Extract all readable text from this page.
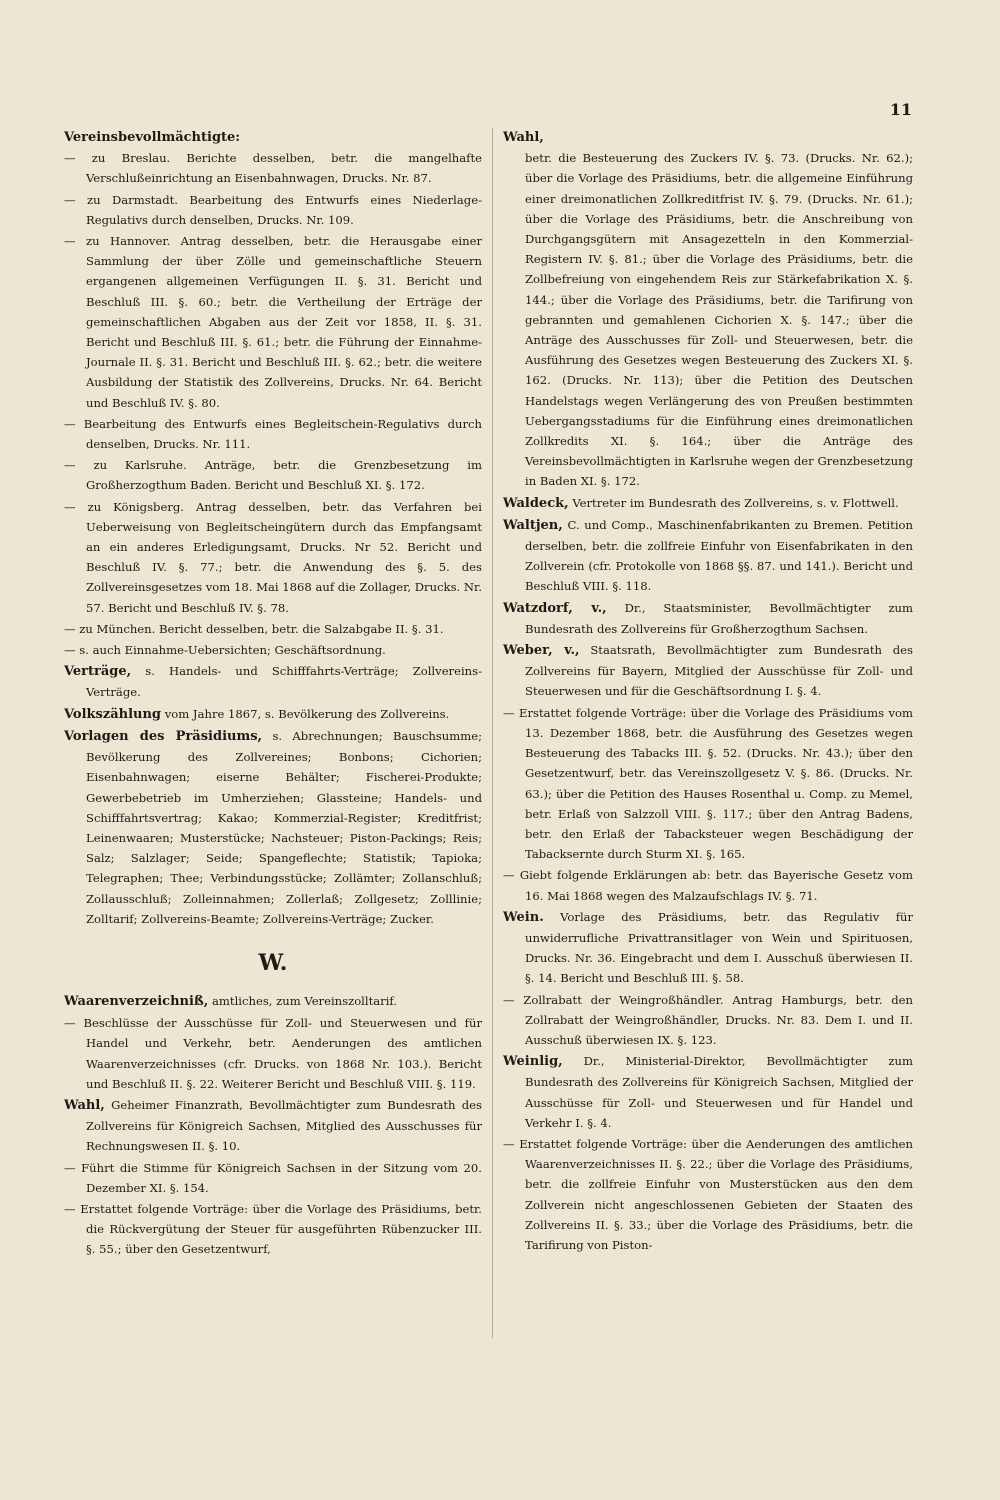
11
Vereinsbevollmächtigte:
— zu Breslau. Berichte desselben, betr. die mangelhafte Verschlußeinrichtung an Eisenbahnwagen, Drucks. Nr. 87.
— zu Darmstadt. Bearbeitung des Entwurfs eines Niederlage-Regulativs durch denselben, Drucks. Nr. 109.
— zu Hannover. Antrag desselben, betr. die Herausgabe einer Sammlung der über Zölle und gemeinschaftliche Steuern ergangenen allgemeinen Verfügungen II. §. 31. Bericht und Beschluß III. §. 60.; betr. die Vertheilung der Erträge der gemeinschaftlichen Abgaben aus der Zeit vor 1858, II. §. 31. Bericht und Beschluß III. §. 61.; betr. die Führung der Einnahme-Journale II. §. 31. Bericht und Beschluß III. §. 62.; betr. die weitere Ausbildung der Statistik des Zollvereins, Drucks. Nr. 64. Bericht und Beschluß IV. §. 80.
— Bearbeitung des Entwurfs eines Begleitschein-Regulativs durch denselben, Drucks. Nr. 111.
— zu Karlsruhe. Anträge, betr. die Grenzbesetzung im Großherzogthum Baden. Bericht und Beschluß XI. §. 172.
— zu Königsberg. Antrag desselben, betr. das Verfahren bei Ueberweisung von Begleitscheingütern durch das Empfangsamt an ein anderes Erledigungsamt, Drucks. Nr 52. Bericht und Beschluß IV. §. 77.; betr. die Anwendung des §. 5. des Zollvereinsgesetzes vom 18. Mai 1868 auf die Zollager, Drucks. Nr. 57. Bericht und Beschluß IV. §. 78.
— zu München. Bericht desselben, betr. die Salzabgabe II. §. 31.
— s. auch Einnahme-Uebersichten; Geschäftsordnung.
Verträge, s. Handels- und Schifffahrts-Verträge; Zollvereins-Verträge.
Volkszählung vom Jahre 1867, s. Bevölkerung des Zollvereins.
Vorlagen des Präsidiums, s. Abrechnungen; Bauschsumme; Bevölkerung des Zollvereines; Bonbons; Cichorien; Eisenbahnwagen; eiserne Behälter; Fischerei-Produkte; Gewerbebetrieb im Umherziehen; Glassteine; Handels- und Schifffahrtsvertrag; Kakao; Kommerzial-Register; Kreditfrist; Leinenwaaren; Musterstücke; Nachsteuer; Piston-Packings; Reis; Salz; Salzlager; Seide; Spangeflechte; Statistik; Tapioka; Telegraphen; Thee; Verbindungsstücke; Zollämter; Zollanschluß; Zollausschluß; Zolleinnahmen; Zollerlaß; Zollgesetz; Zolllinie; Zolltarif; Zollvereins-Beamte; Zollvereins-Verträge; Zucker.
W.
Waarenverzeichniß, amtliches, zum Vereinszolltarif.
— Beschlüsse der Ausschüsse für Zoll- und Steuerwesen und für Handel und Verkehr, betr. Aenderungen des amtlichen Waarenverzeichnisses (cfr. Drucks. von 1868 Nr. 103.). Bericht und Beschluß II. §. 22. Weiterer Bericht und Beschluß VIII. §. 119.
Wahl, Geheimer Finanzrath, Bevollmächtigter zum Bundesrath des Zollvereins für Königreich Sachsen, Mitglied des Ausschusses für Rechnungswesen II. §. 10.
— Führt die Stimme für Königreich Sachsen in der Sitzung vom 20. Dezember XI. §. 154.
— Erstattet folgende Vorträge: über die Vorlage des Präsidiums, betr. die Rückvergütung der Steuer für ausgeführten Rübenzucker III. §. 55.; über den Gesetzentwurf,
Wahl,
betr. die Besteuerung des Zuckers IV. §. 73. (Drucks. Nr. 62.); über die Vorlage des Präsidiums, betr. die allgemeine Einführung einer dreimonatlichen Zollkreditfrist IV. §. 79. (Drucks. Nr. 61.); über die Vorlage des Präsidiums, betr. die Anschreibung von Durchgangsgütern mit Ansagezetteln in den Kommerzial-Registern IV. §. 81.; über die Vorlage des Präsidiums, betr. die Zollbefreiung von eingehendem Reis zur Stärkefabrikation X. §. 144.; über die Vorlage des Präsidiums, betr. die Tarifirung von gebrannten und gemahlenen Cichorien X. §. 147.; über die Anträge des Ausschusses für Zoll- und Steuerwesen, betr. die Ausführung des Gesetzes wegen Besteuerung des Zuckers XI. §. 162. (Drucks. Nr. 113); über die Petition des Deutschen Handelstags wegen Verlängerung des von Preußen bestimmten Uebergangsstadiums für die Einführung eines dreimonatlichen Zollkredits XI. §. 164.; über die Anträge des Vereinsbevollmächtigten in Karlsruhe wegen der Grenzbesetzung in Baden XI. §. 172.
Waldeck, Vertreter im Bundesrath des Zollvereins, s. v. Flottwell.
Waltjen, C. und Comp., Maschinenfabrikanten zu Bremen. Petition derselben, betr. die zollfreie Einfuhr von Eisenfabrikaten in den Zollverein (cfr. Protokolle von 1868 §§. 87. und 141.). Bericht und Beschluß VIII. §. 118.
Watzdorf, v., Dr., Staatsminister, Bevollmächtigter zum Bundesrath des Zollvereins für Großherzogthum Sachsen.
Weber, v., Staatsrath, Bevollmächtigter zum Bundesrath des Zollvereins für Bayern, Mitglied der Ausschüsse für Zoll- und Steuerwesen und für die Geschäftsordnung I. §. 4.
— Erstattet folgende Vorträge: über die Vorlage des Präsidiums vom 13. Dezember 1868, betr. die Ausführung des Gesetzes wegen Besteuerung des Tabacks III. §. 52. (Drucks. Nr. 43.); über den Gesetzentwurf, betr. das Vereinszollgesetz V. §. 86. (Drucks. Nr. 63.); über die Petition des Hauses Rosenthal u. Comp. zu Memel, betr. Erlaß von Salzzoll VIII. §. 117.; über den Antrag Badens, betr. den Erlaß der Tabacksteuer wegen Beschädigung der Tabacksernte durch Sturm XI. §. 165.
— Giebt folgende Erklärungen ab: betr. das Bayerische Gesetz vom 16. Mai 1868 wegen des Malzaufschlags IV. §. 71.
Wein. Vorlage des Präsidiums, betr. das Regulativ für unwiderrufliche Privattransitlager von Wein und Spirituosen, Drucks. Nr. 36. Eingebracht und dem I. Ausschuß überwiesen II. §. 14. Bericht und Beschluß III. §. 58.
— Zollrabatt der Weingroßhändler. Antrag Hamburgs, betr. den Zollrabatt der Weingroßhändler, Drucks. Nr. 83. Dem I. und II. Ausschuß überwiesen IX. §. 123.
Weinlig, Dr., Ministerial-Direktor, Bevollmächtigter zum Bundesrath des Zollvereins für Königreich Sachsen, Mitglied der Ausschüsse für Zoll- und Steuerwesen und für Handel und Verkehr I. §. 4.
— Erstattet folgende Vorträge: über die Aenderungen des amtlichen Waarenverzeichnisses II. §. 22.; über die Vorlage des Präsidiums, betr. die zollfreie Einfuhr von Musterstücken aus den dem Zollverein nicht angeschlossenen Gebieten der Staaten des Zollvereins II. §. 33.; über die Vorlage des Präsidiums, betr. die Tarifirung von Piston-
